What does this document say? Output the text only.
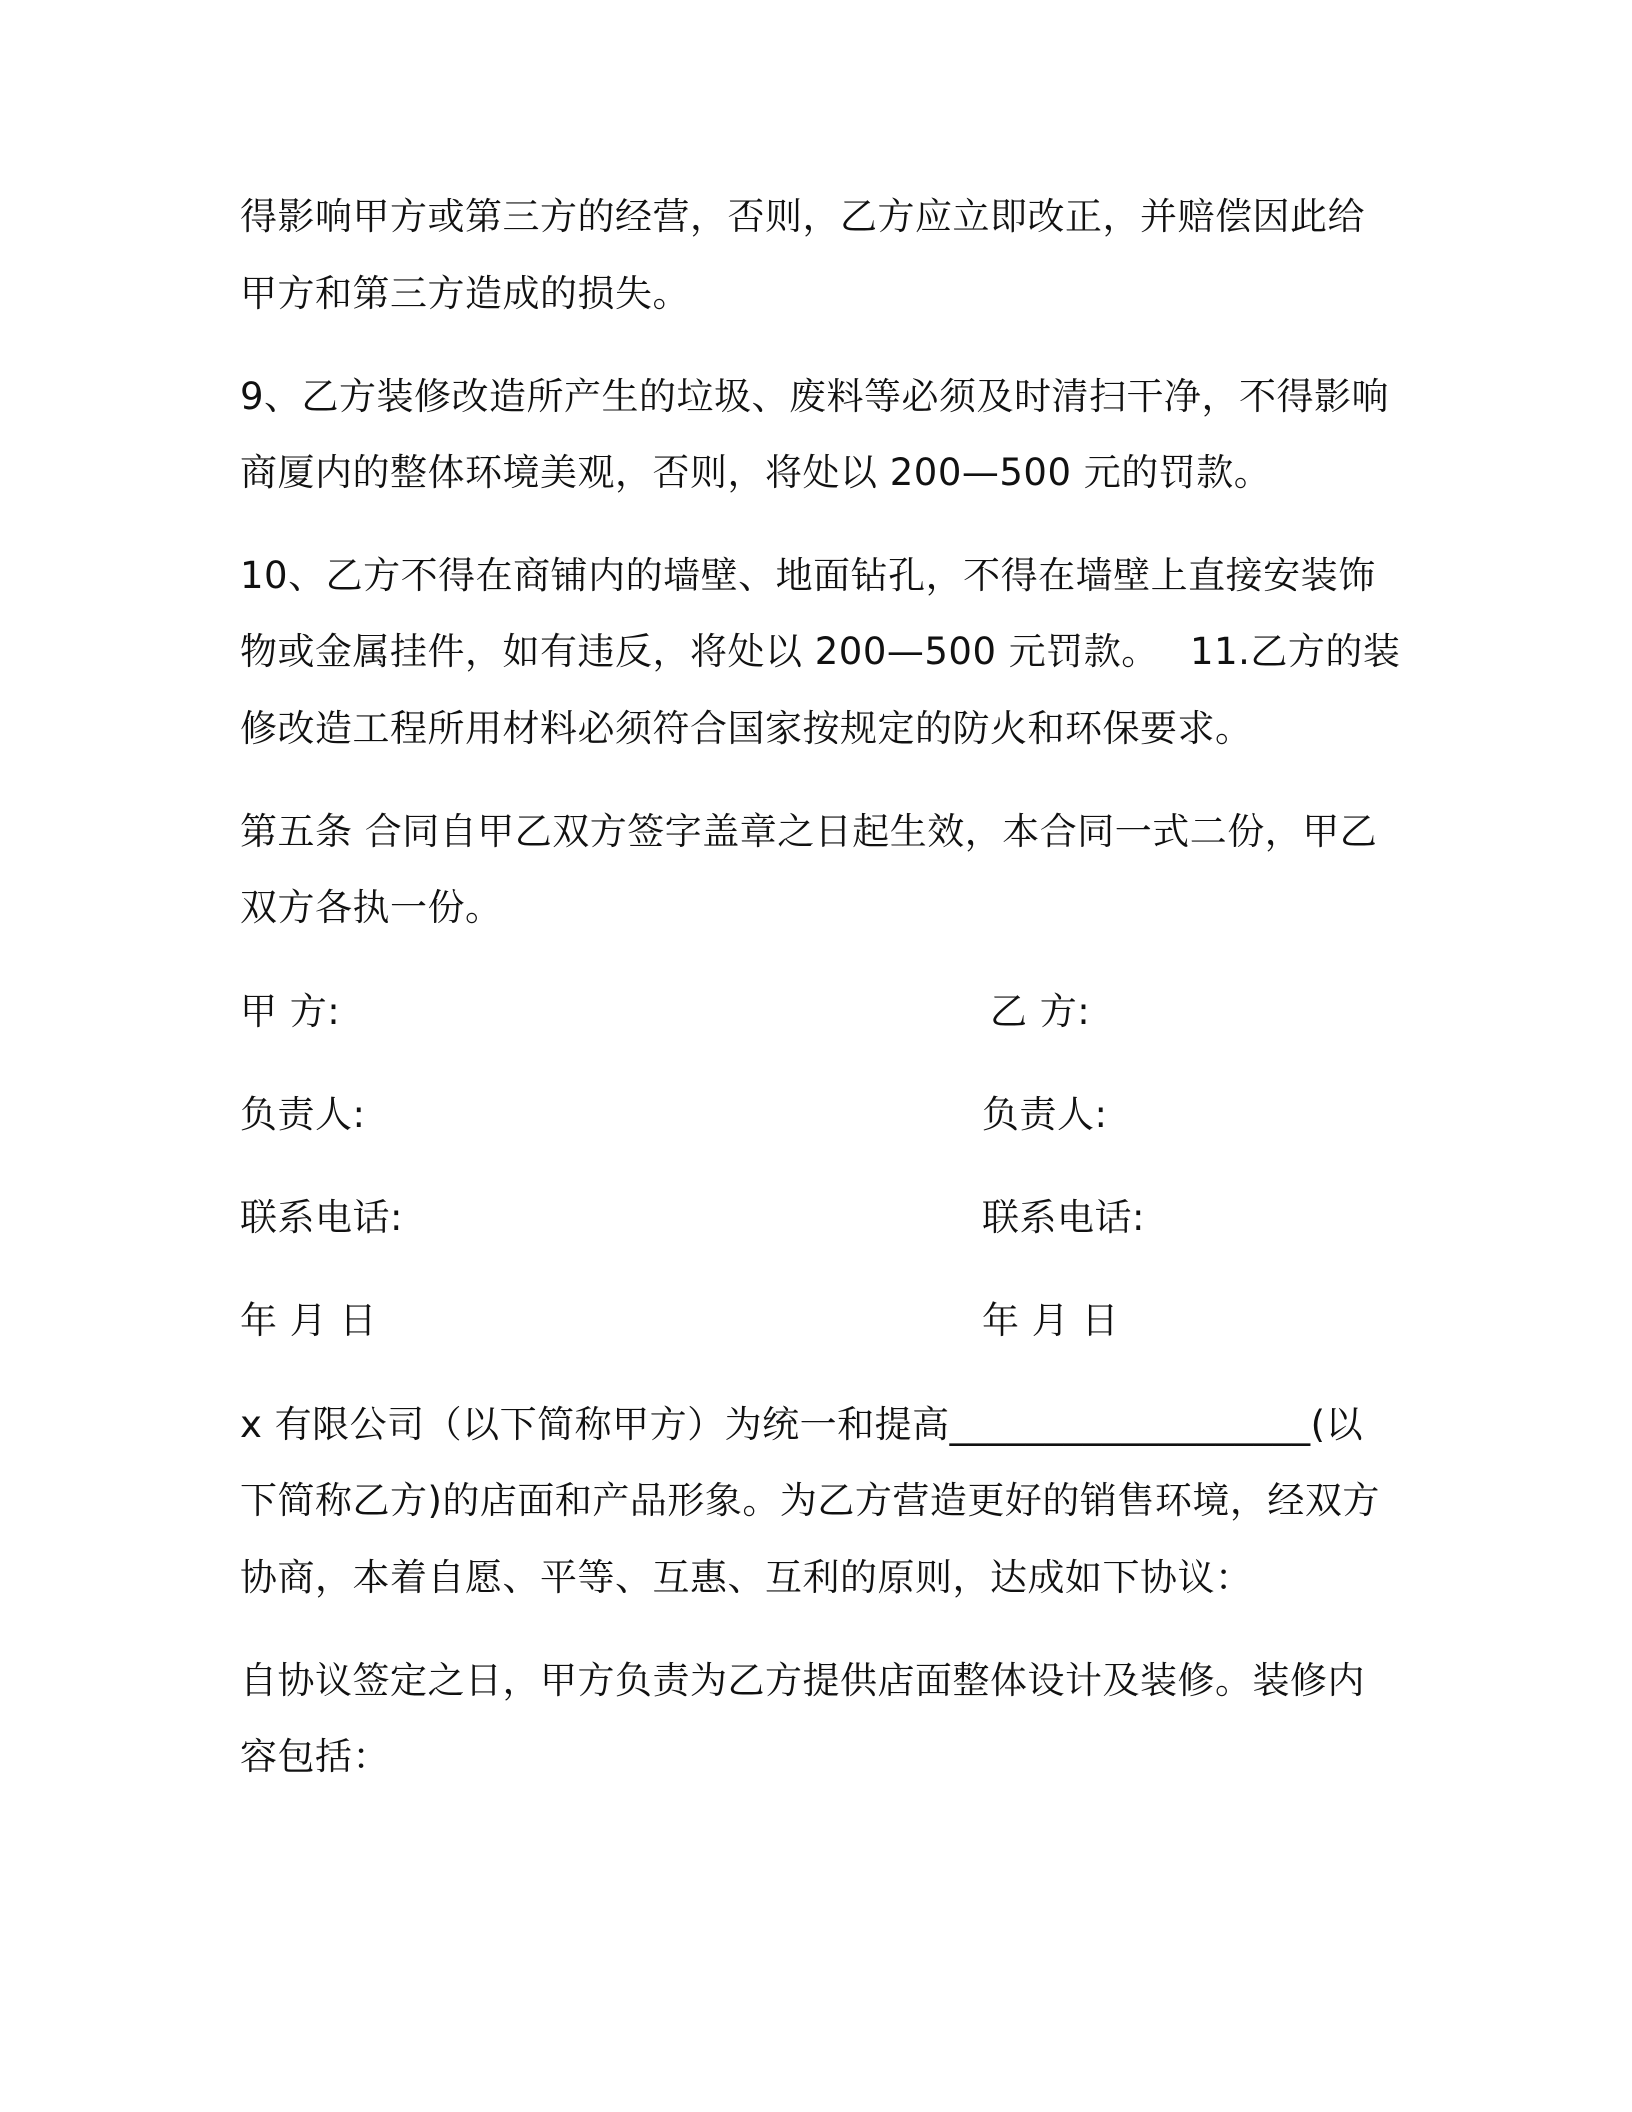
得影响甲方或第三方的经营，否则，乙方应立即改正，并赔偿因此给
甲方和第三方造成的损失。
9、乙方装修改造所产生的垃圾、废料等必须及时清扫干净，不得影响
商厦内的整体环境美观，否则，将处以 200—500 元的罚款。
10、乙方不得在商铺内的墙壁、地面钻孔，不得在墙壁上直接安装饰
物或金属挂件，如有违反，将处以 200—500 元罚款。　 11.乙方的装
修改造工程所用材料必须符合国家按规定的防火和环保要求。
第五条 合同自甲乙双方签字盖章之日起生效，本合同一式二份，甲乙
双方各执一份。
甲 方:	乙 方:
负责人:	负责人:
联系电话:	联系电话:
年 月 日	年 月 日
x 有限公司（以下简称甲方）为统一和提高___________________(以
下简称乙方)的店面和产品形象。为乙方营造更好的销售环境，经双方
协商，本着自愿、平等、互惠、互利的原则，达成如下协议：
自协议签定之日，甲方负责为乙方提供店面整体设计及装修。装修内
容包括：
